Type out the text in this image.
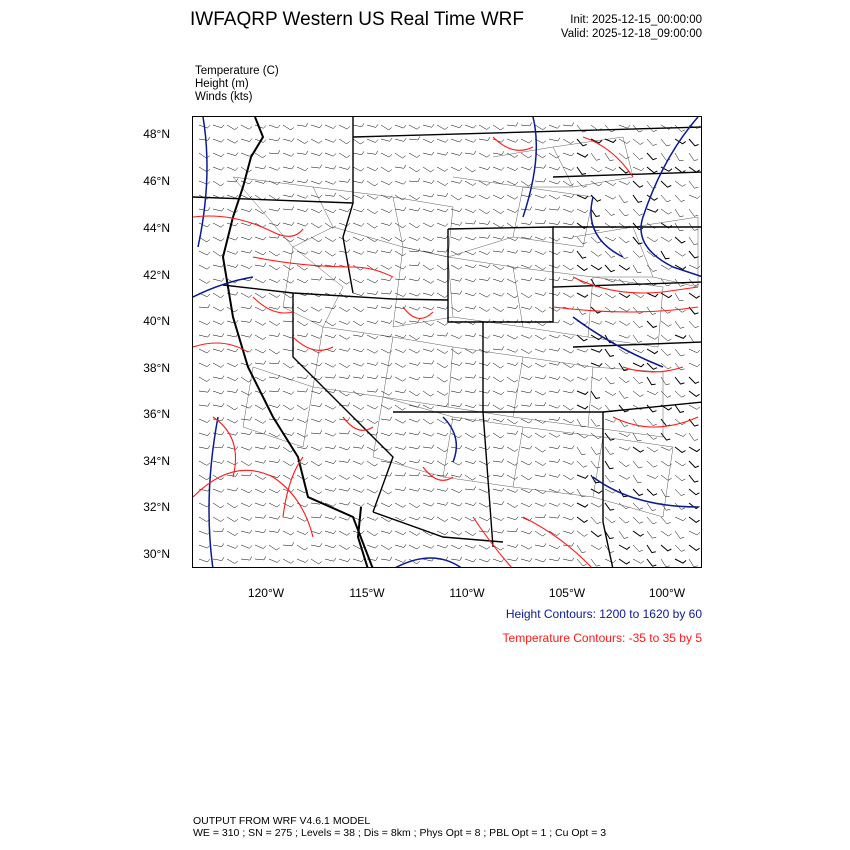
IWFAQRP Western US Real Time WRF	Init: 2025-12-15_00:00:00
Valid: 2025-12-18_09:00:00
Temperature (C)
Height (m)
Winds (kts)
48°N
46°N
44°N
42°N
40°N
38°N
36°N
34°N
32°N
30°N
120°W	115°W	110°W	105°W	100°W
Height Contours: 1200 to 1620 by 60
Temperature Contours: -35 to 35 by 5
OUTPUT FROM WRF V4.6.1 MODEL
WE = 310 ; SN = 275 ; Levels = 38 ; Dis = 8km ; Phys Opt = 8 ; PBL Opt = 1 ; Cu Opt = 3
